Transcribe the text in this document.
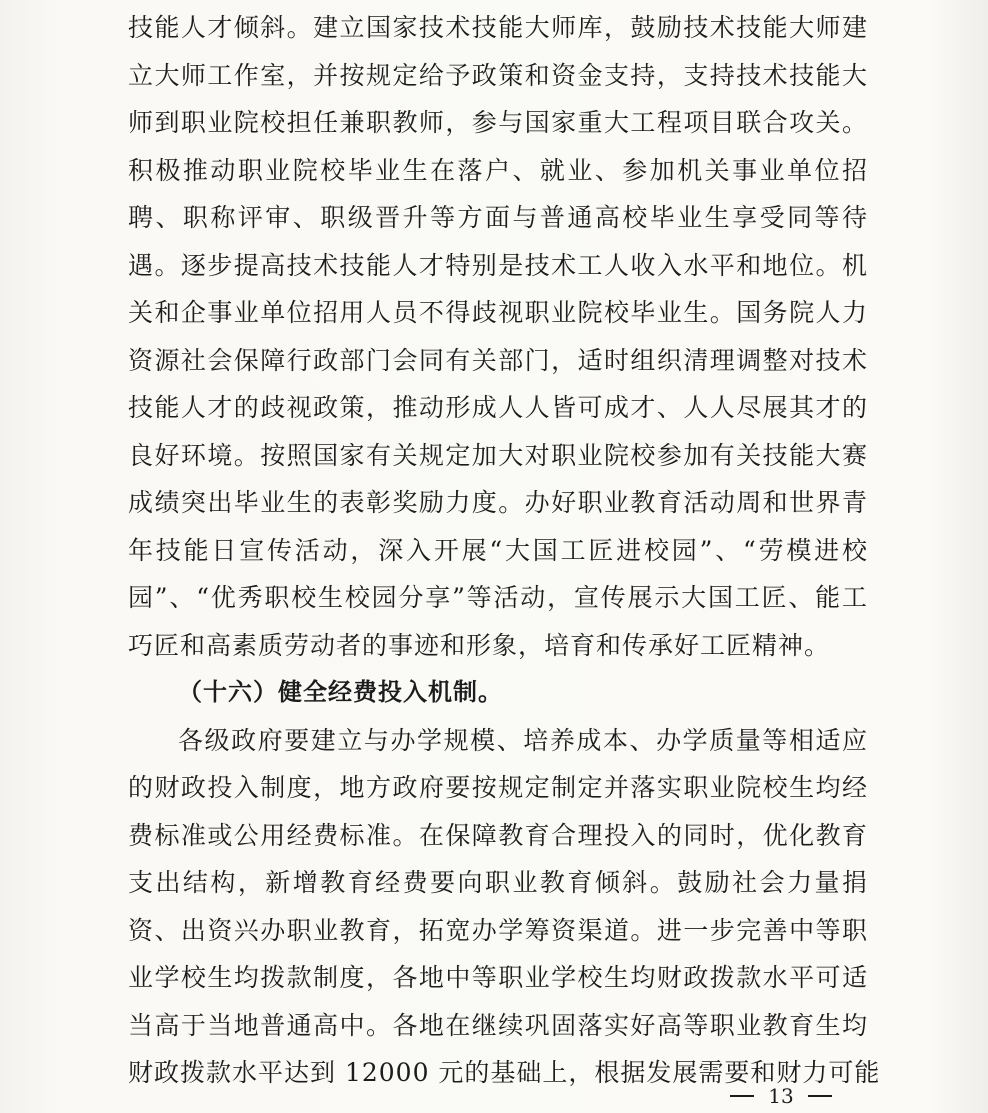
技能人才倾斜。建立国家技术技能大师库，鼓励技术技能大师建
立大师工作室，并按规定给予政策和资金支持，支持技术技能大
师到职业院校担任兼职教师，参与国家重大工程项目联合攻关。
积极推动职业院校毕业生在落户、就业、参加机关事业单位招
聘、职称评审、职级晋升等方面与普通高校毕业生享受同等待
遇。逐步提高技术技能人才特别是技术工人收入水平和地位。机
关和企事业单位招用人员不得歧视职业院校毕业生。国务院人力
资源社会保障行政部门会同有关部门，适时组织清理调整对技术
技能人才的歧视政策，推动形成人人皆可成才、人人尽展其才的
良好环境。按照国家有关规定加大对职业院校参加有关技能大赛
成绩突出毕业生的表彰奖励力度。办好职业教育活动周和世界青
年技能日宣传活动，深入开展“大国工匠进校园”、“劳模进校
园”、“优秀职校生校园分享”等活动，宣传展示大国工匠、能工
巧匠和高素质劳动者的事迹和形象，培育和传承好工匠精神。
（十六）健全经费投入机制。
各级政府要建立与办学规模、培养成本、办学质量等相适应
的财政投入制度，地方政府要按规定制定并落实职业院校生均经
费标准或公用经费标准。在保障教育合理投入的同时，优化教育
支出结构，新增教育经费要向职业教育倾斜。鼓励社会力量捐
资、出资兴办职业教育，拓宽办学筹资渠道。进一步完善中等职
业学校生均拨款制度，各地中等职业学校生均财政拨款水平可适
当高于当地普通高中。各地在继续巩固落实好高等职业教育生均
财政拨款水平达到 12000 元的基础上，根据发展需要和财力可能
13
